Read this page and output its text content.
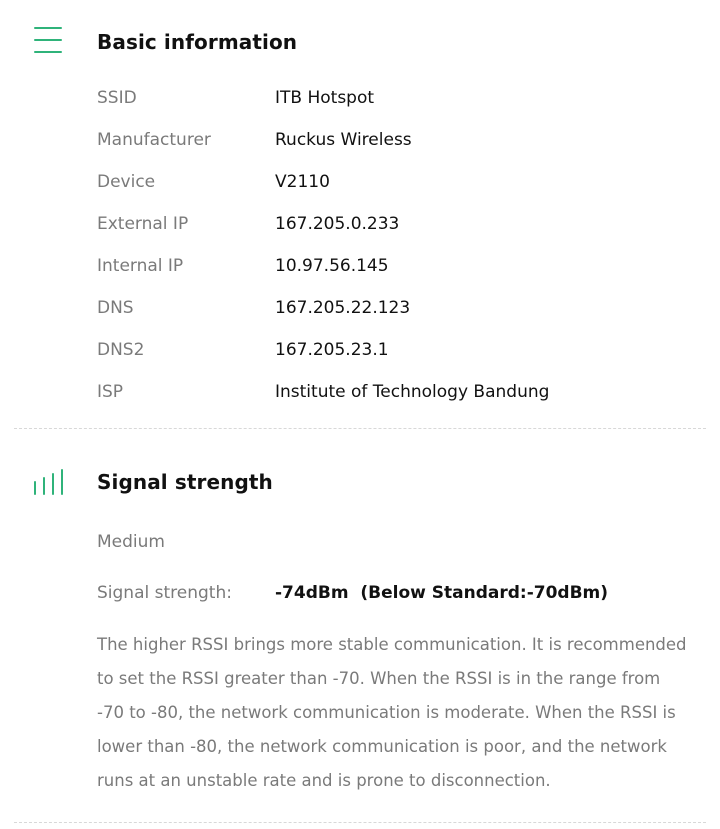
Basic information
SSID	ITB Hotspot
Manufacturer	Ruckus Wireless
Device	V2110
External IP	167.205.0.233
Internal IP	10.97.56.145
DNS	167.205.22.123
DNS2	167.205.23.1
ISP	Institute of Technology Bandung
Signal strength
Medium
Signal strength:	-74dBm  (Below Standard:-70dBm)
The higher RSSI brings more stable communication. It is recommended to set the RSSI greater than -70. When the RSSI is in the range from -70 to -80, the network communication is moderate. When the RSSI is lower than -80, the network communication is poor, and the network runs at an unstable rate and is prone to disconnection.
